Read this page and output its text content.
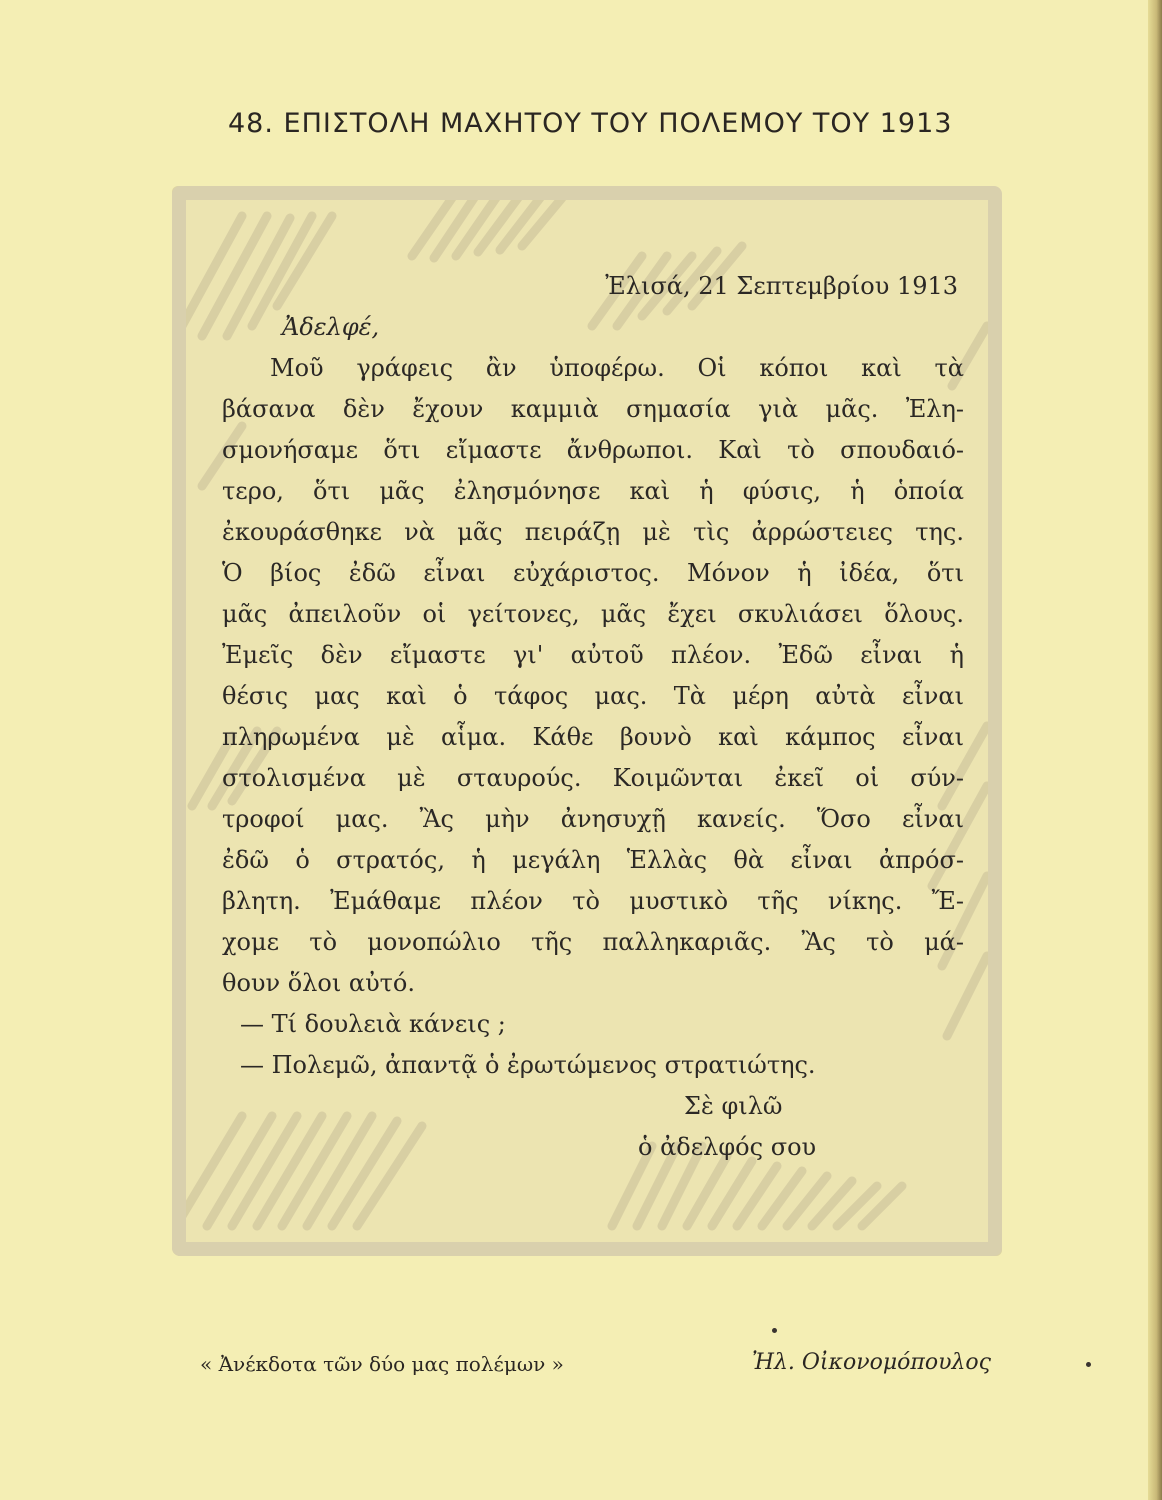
48. ΕΠΙΣΤΟΛΗ ΜΑΧΗΤΟΥ ΤΟΥ ΠΟΛΕΜΟΥ ΤΟΥ 1913
Ἐλισά, 21 Σεπτεμβρίου 1913
Ἀδελφέ,
Μοῦ γράφεις ἂν ὑποφέρω. Οἱ κόποι καὶ τὰ
βάσανα δὲν ἔχουν καμμιὰ σημασία γιὰ μᾶς. Ἐλη-
σμονήσαμε ὅτι εἴμαστε ἄνθρωποι. Καὶ τὸ σπουδαιό-
τερο, ὅτι μᾶς ἐλησμόνησε καὶ ἡ φύσις, ἡ ὁποία
ἐκουράσθηκε νὰ μᾶς πειράζῃ μὲ τὶς ἀρρώστειες της.
Ὁ βίος ἐδῶ εἶναι εὐχάριστος. Μόνον ἡ ἰδέα, ὅτι
μᾶς ἀπειλοῦν οἱ γείτονες, μᾶς ἔχει σκυλιάσει ὅλους.
Ἐμεῖς δὲν εἴμαστε γι' αὐτοῦ πλέον. Ἐδῶ εἶναι ἡ
θέσις μας καὶ ὁ τάφος μας. Τὰ μέρη αὐτὰ εἶναι
πληρωμένα μὲ αἷμα. Κάθε βουνὸ καὶ κάμπος εἶναι
στολισμένα μὲ σταυρούς. Κοιμῶνται ἐκεῖ οἱ σύν-
τροφοί μας. Ἂς μὴν ἀνησυχῇ κανείς. Ὅσο εἶναι
ἐδῶ ὁ στρατός, ἡ μεγάλη Ἑλλὰς θὰ εἶναι ἀπρόσ-
βλητη. Ἐμάθαμε πλέον τὸ μυστικὸ τῆς νίκης. Ἔ-
χομε τὸ μονοπώλιο τῆς παλληκαριᾶς. Ἂς τὸ μά-
θουν ὅλοι αὐτό.
— Τί δουλειὰ κάνεις ;
— Πολεμῶ, ἀπαντᾷ ὁ ἐρωτώμενος στρατιώτης.
Σὲ φιλῶ
ὁ ἀδελφός σου
« Ἀνέκδοτα τῶν δύο μας πολέμων »	Ἠλ. Οἰκονομόπουλος
